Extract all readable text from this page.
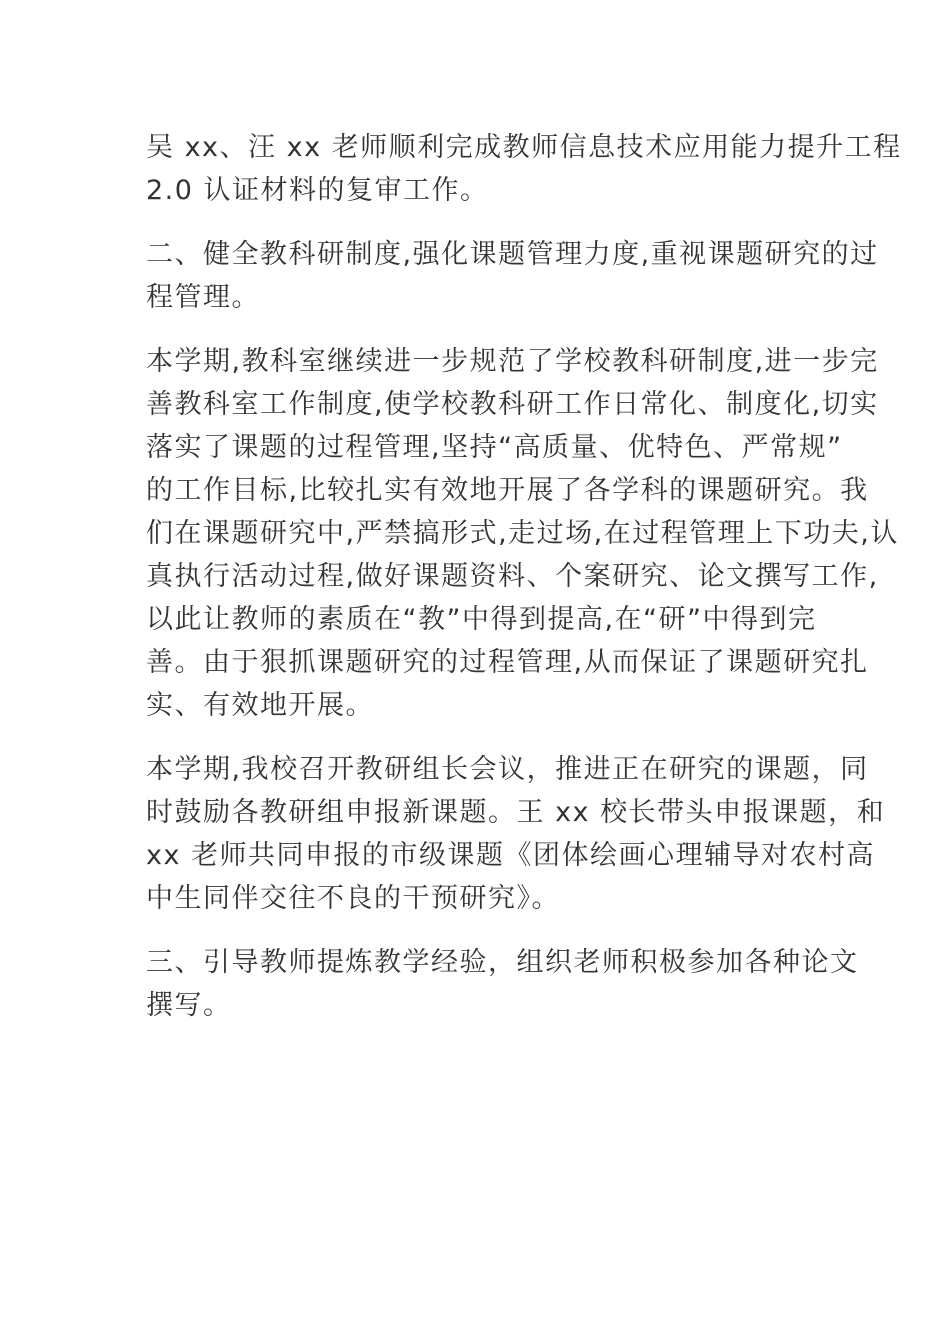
吴 xx、汪 xx 老师顺利完成教师信息技术应用能力提升工程
2.0 认证材料的复审工作。

二、健全教科研制度,强化课题管理力度,重视课题研究的过
程管理。

本学期,教科室继续进一步规范了学校教科研制度,进一步完
善教科室工作制度,使学校教科研工作日常化、制度化,切实
落实了课题的过程管理,坚持“高质量、优特色、严常规”
的工作目标,比较扎实有效地开展了各学科的课题研究。我
们在课题研究中,严禁搞形式,走过场,在过程管理上下功夫,认
真执行活动过程,做好课题资料、个案研究、论文撰写工作,
以此让教师的素质在“教”中得到提高,在“研”中得到完
善。由于狠抓课题研究的过程管理,从而保证了课题研究扎
实、有效地开展。

本学期,我校召开教研组长会议，推进正在研究的课题，同
时鼓励各教研组申报新课题。王 xx 校长带头申报课题，和
xx 老师共同申报的市级课题《团体绘画心理辅导对农村高
中生同伴交往不良的干预研究》。

三、引导教师提炼教学经验，组织老师积极参加各种论文
撰写。
